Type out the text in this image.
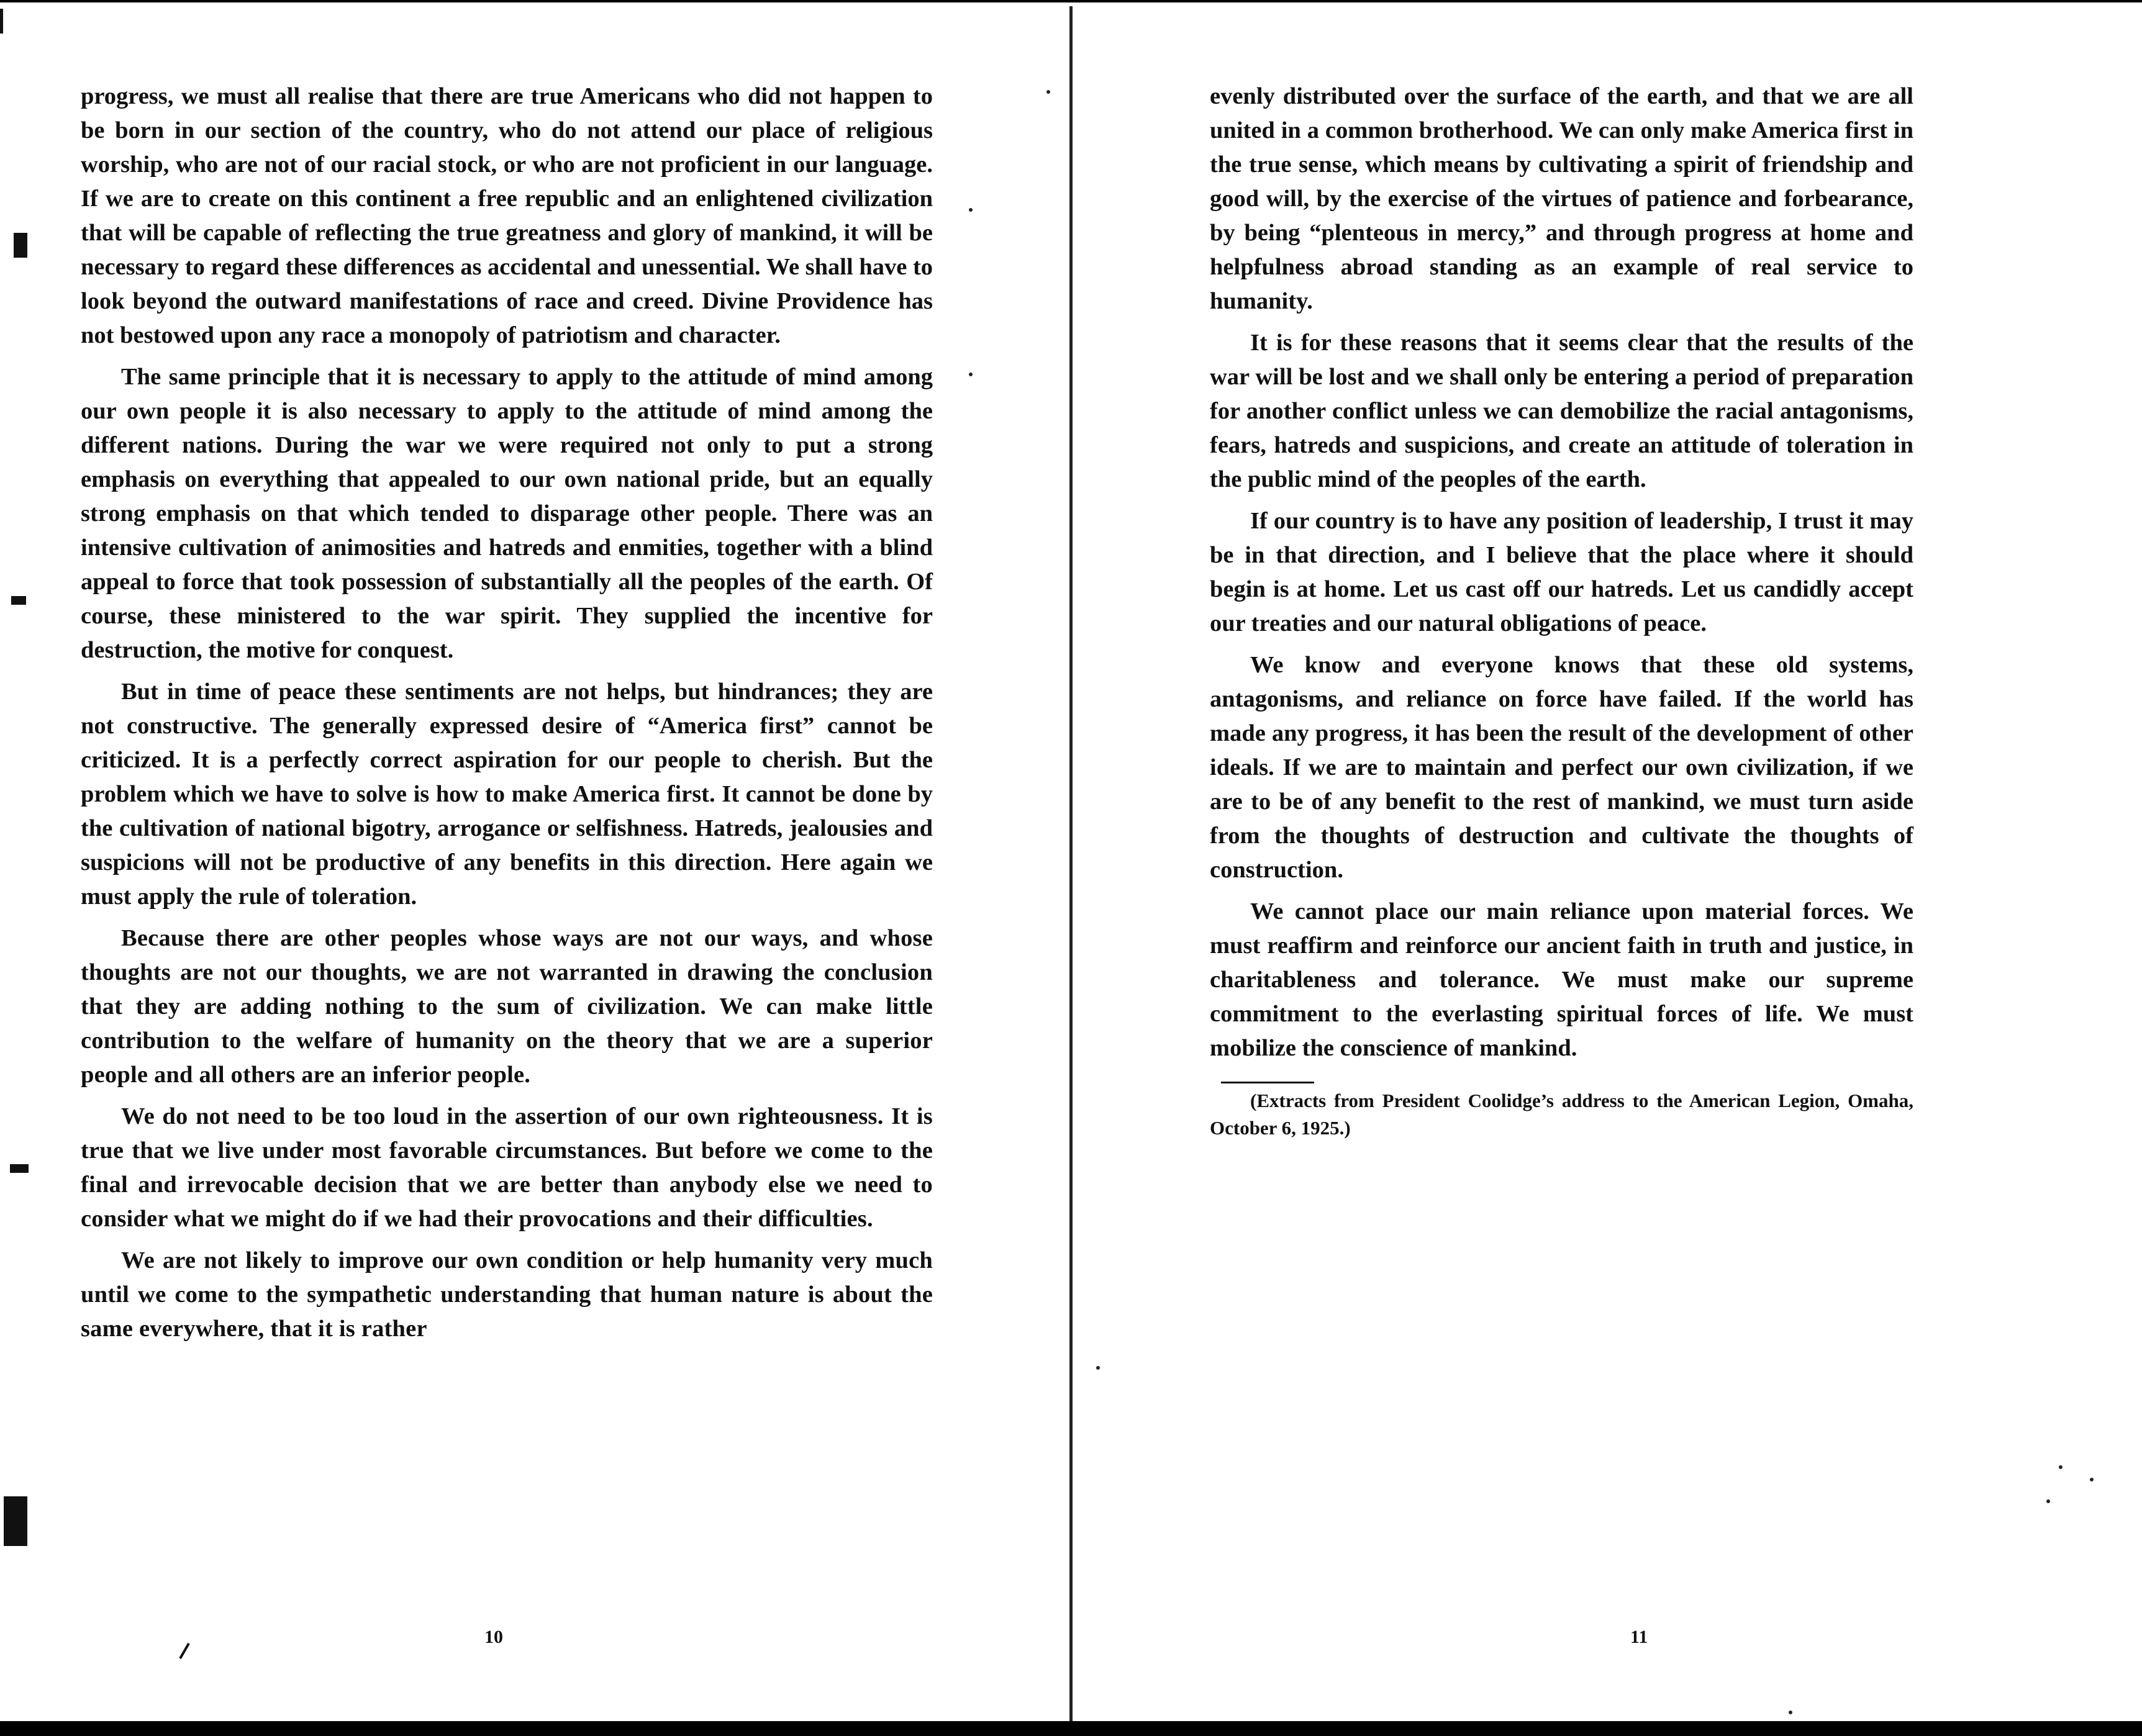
progress, we must all realise that there are true Americans who did not happen to be born in our section of the country, who do not attend our place of religious worship, who are not of our racial stock, or who are not proficient in our language. If we are to create on this continent a free republic and an enlightened civilization that will be capable of reflecting the true greatness and glory of mankind, it will be necessary to regard these differences as accidental and unessential. We shall have to look beyond the outward manifestations of race and creed. Divine Providence has not bestowed upon any race a monopoly of patriotism and character.

The same principle that it is necessary to apply to the attitude of mind among our own people it is also necessary to apply to the attitude of mind among the different nations. During the war we were required not only to put a strong emphasis on everything that appealed to our own national pride, but an equally strong emphasis on that which tended to disparage other people. There was an intensive cultivation of animosities and hatreds and enmities, together with a blind appeal to force that took possession of substantially all the peoples of the earth. Of course, these ministered to the war spirit. They supplied the incentive for destruction, the motive for conquest.

But in time of peace these sentiments are not helps, but hindrances; they are not constructive. The generally expressed desire of “America first” cannot be criticized. It is a perfectly correct aspiration for our people to cherish. But the problem which we have to solve is how to make America first. It cannot be done by the cultivation of national bigotry, arrogance or selfishness. Hatreds, jealousies and suspicions will not be productive of any benefits in this direction. Here again we must apply the rule of toleration.

Because there are other peoples whose ways are not our ways, and whose thoughts are not our thoughts, we are not warranted in drawing the conclusion that they are adding nothing to the sum of civilization. We can make little contribution to the welfare of humanity on the theory that we are a superior people and all others are an inferior people.

We do not need to be too loud in the assertion of our own righteousness. It is true that we live under most favorable circumstances. But before we come to the final and irrevocable decision that we are better than anybody else we need to consider what we might do if we had their provocations and their difficulties.

We are not likely to improve our own condition or help humanity very much until we come to the sympathetic understanding that human nature is about the same everywhere, that it is rather

10

evenly distributed over the surface of the earth, and that we are all united in a common brotherhood. We can only make America first in the true sense, which means by cultivating a spirit of friendship and good will, by the exercise of the virtues of patience and forbearance, by being “plenteous in mercy,” and through progress at home and helpfulness abroad standing as an example of real service to humanity.

It is for these reasons that it seems clear that the results of the war will be lost and we shall only be entering a period of preparation for another conflict unless we can demobilize the racial antagonisms, fears, hatreds and suspicions, and create an attitude of toleration in the public mind of the peoples of the earth.

If our country is to have any position of leadership, I trust it may be in that direction, and I believe that the place where it should begin is at home. Let us cast off our hatreds. Let us candidly accept our treaties and our natural obligations of peace.

We know and everyone knows that these old systems, antagonisms, and reliance on force have failed. If the world has made any progress, it has been the result of the development of other ideals. If we are to maintain and perfect our own civilization, if we are to be of any benefit to the rest of mankind, we must turn aside from the thoughts of destruction and cultivate the thoughts of construction.

We cannot place our main reliance upon material forces. We must reaffirm and reinforce our ancient faith in truth and justice, in charitableness and tolerance. We must make our supreme commitment to the everlasting spiritual forces of life. We must mobilize the conscience of mankind.

(Extracts from President Coolidge’s address to the American Legion, Omaha, October 6, 1925.)

11
